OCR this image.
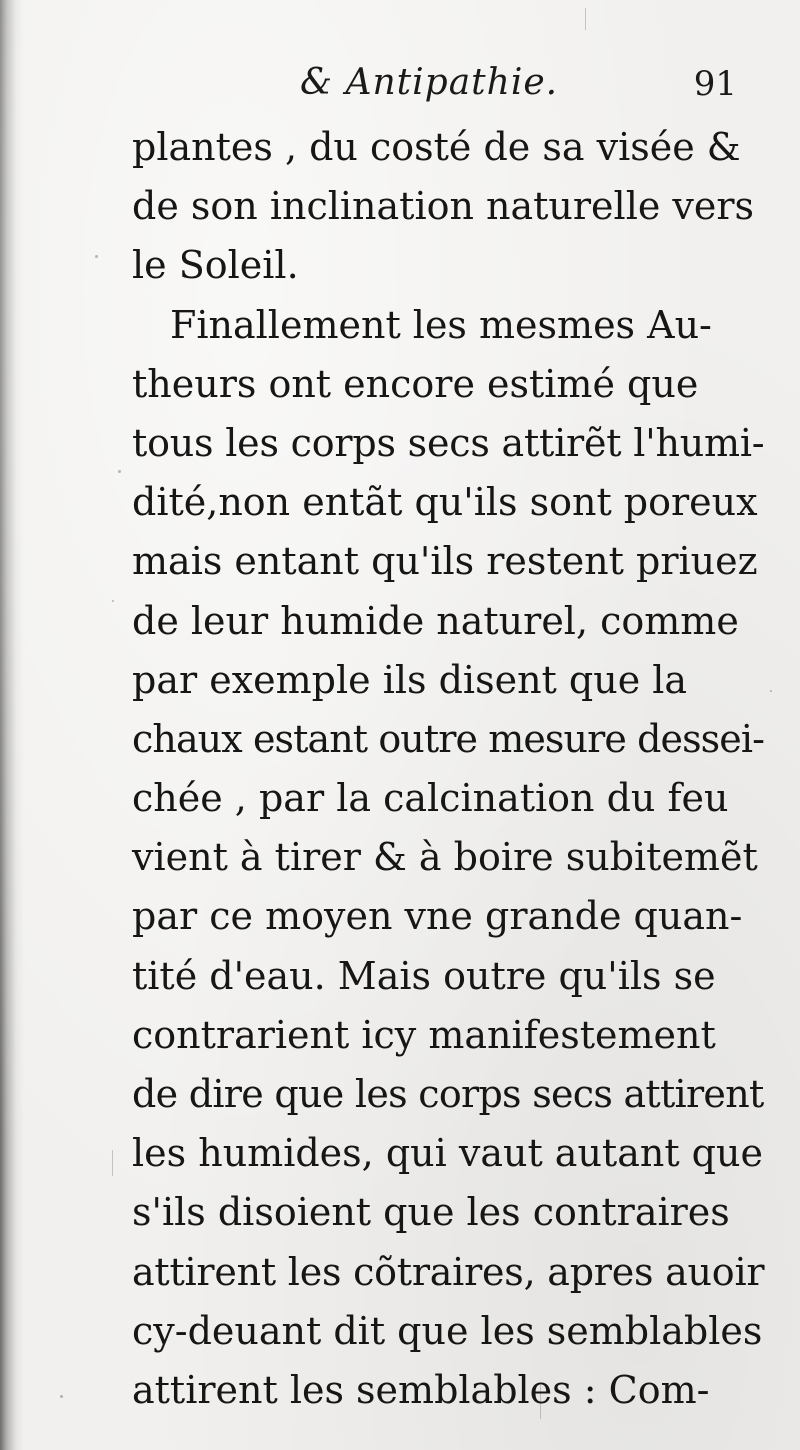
& Antipathie.	91
plantes , du costé de sa visée &
de son inclination naturelle vers
le Soleil.
Finallement les mesmes Au-
theurs ont encore estimé que
tous les corps secs attirẽt l'humi-
dité,non entãt qu'ils sont poreux
mais entant qu'ils restent priuez
de leur humide naturel, comme
par exemple ils disent que la
chaux estant outre mesure dessei-
chée , par la calcination du feu
vient à tirer & à boire subitemẽt
par ce moyen vne grande quan-
tité d'eau. Mais outre qu'ils se
contrarient icy manifestement
de dire que les corps secs attirent
les humides, qui vaut autant que
s'ils disoient que les contraires
attirent les cõtraires, apres auoir
cy-deuant dit que les semblables
attirent les semblables : Com-
